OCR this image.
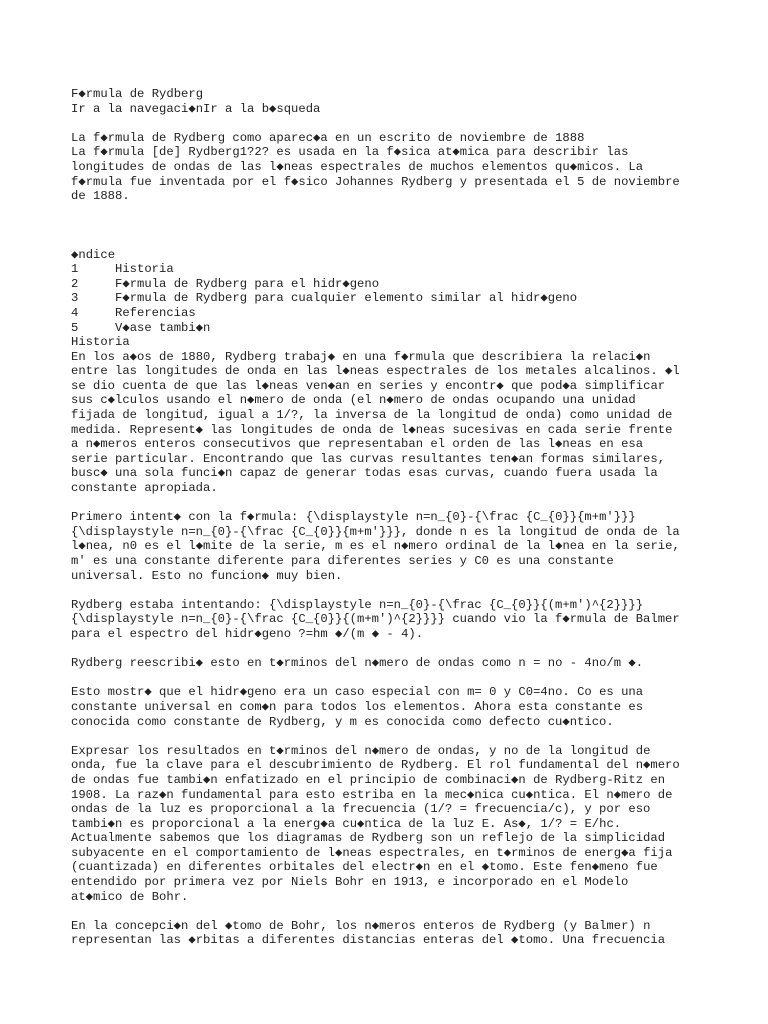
F◆rmula de Rydberg
Ir a la navegaci◆nIr a la b◆squeda
La f◆rmula de Rydberg como aparec◆a en un escrito de noviembre de 1888
La f◆rmula [de] Rydberg1?2? es usada en la f◆sica at◆mica para describir las
longitudes de ondas de las l◆neas espectrales de muchos elementos qu◆micos. La
f◆rmula fue inventada por el f◆sico Johannes Rydberg y presentada el 5 de noviembre
de 1888.
◆ndice
1	Historia
2	F◆rmula de Rydberg para el hidr◆geno
3	F◆rmula de Rydberg para cualquier elemento similar al hidr◆geno
4	Referencias
5	V◆ase tambi◆n
Historia
En los a◆os de 1880, Rydberg trabaj◆ en una f◆rmula que describiera la relaci◆n
entre las longitudes de onda en las l◆neas espectrales de los metales alcalinos. ◆l
se dio cuenta de que las l◆neas ven◆an en series y encontr◆ que pod◆a simplificar
sus c◆lculos usando el n◆mero de onda (el n◆mero de ondas ocupando una unidad
fijada de longitud, igual a 1/?, la inversa de la longitud de onda) como unidad de
medida. Represent◆ las longitudes de onda de l◆neas sucesivas en cada serie frente
a n◆meros enteros consecutivos que representaban el orden de las l◆neas en esa
serie particular. Encontrando que las curvas resultantes ten◆an formas similares,
busc◆ una sola funci◆n capaz de generar todas esas curvas, cuando fuera usada la
constante apropiada.
Primero intent◆ con la f◆rmula: {\displaystyle n=n_{0}-{\frac {C_{0}}{m+m'}}}
{\displaystyle n=n_{0}-{\frac {C_{0}}{m+m'}}}, donde n es la longitud de onda de la
l◆nea, n0 es el l◆mite de la serie, m es el n◆mero ordinal de la l◆nea en la serie,
m' es una constante diferente para diferentes series y C0 es una constante
universal. Esto no funcion◆ muy bien.
Rydberg estaba intentando: {\displaystyle n=n_{0}-{\frac {C_{0}}{(m+m')^{2}}}}
{\displaystyle n=n_{0}-{\frac {C_{0}}{(m+m')^{2}}}} cuando vio la f◆rmula de Balmer
para el espectro del hidr◆geno ?=hm ◆/(m ◆ - 4).
Rydberg reescribi◆ esto en t◆rminos del n◆mero de ondas como n = no - 4no/m ◆.
Esto mostr◆ que el hidr◆geno era un caso especial con m= 0 y C0=4no. Co es una
constante universal en com◆n para todos los elementos. Ahora esta constante es
conocida como constante de Rydberg, y m es conocida como defecto cu◆ntico.
Expresar los resultados en t◆rminos del n◆mero de ondas, y no de la longitud de
onda, fue la clave para el descubrimiento de Rydberg. El rol fundamental del n◆mero
de ondas fue tambi◆n enfatizado en el principio de combinaci◆n de Rydberg-Ritz en
1908. La raz◆n fundamental para esto estriba en la mec◆nica cu◆ntica. El n◆mero de
ondas de la luz es proporcional a la frecuencia (1/? = frecuencia/c), y por eso
tambi◆n es proporcional a la energ◆a cu◆ntica de la luz E. As◆, 1/? = E/hc.
Actualmente sabemos que los diagramas de Rydberg son un reflejo de la simplicidad
subyacente en el comportamiento de l◆neas espectrales, en t◆rminos de energ◆a fija
(cuantizada) en diferentes orbitales del electr◆n en el ◆tomo. Este fen◆meno fue
entendido por primera vez por Niels Bohr en 1913, e incorporado en el Modelo
at◆mico de Bohr.
En la concepci◆n del ◆tomo de Bohr, los n◆meros enteros de Rydberg (y Balmer) n
representan las ◆rbitas a diferentes distancias enteras del ◆tomo. Una frecuencia
